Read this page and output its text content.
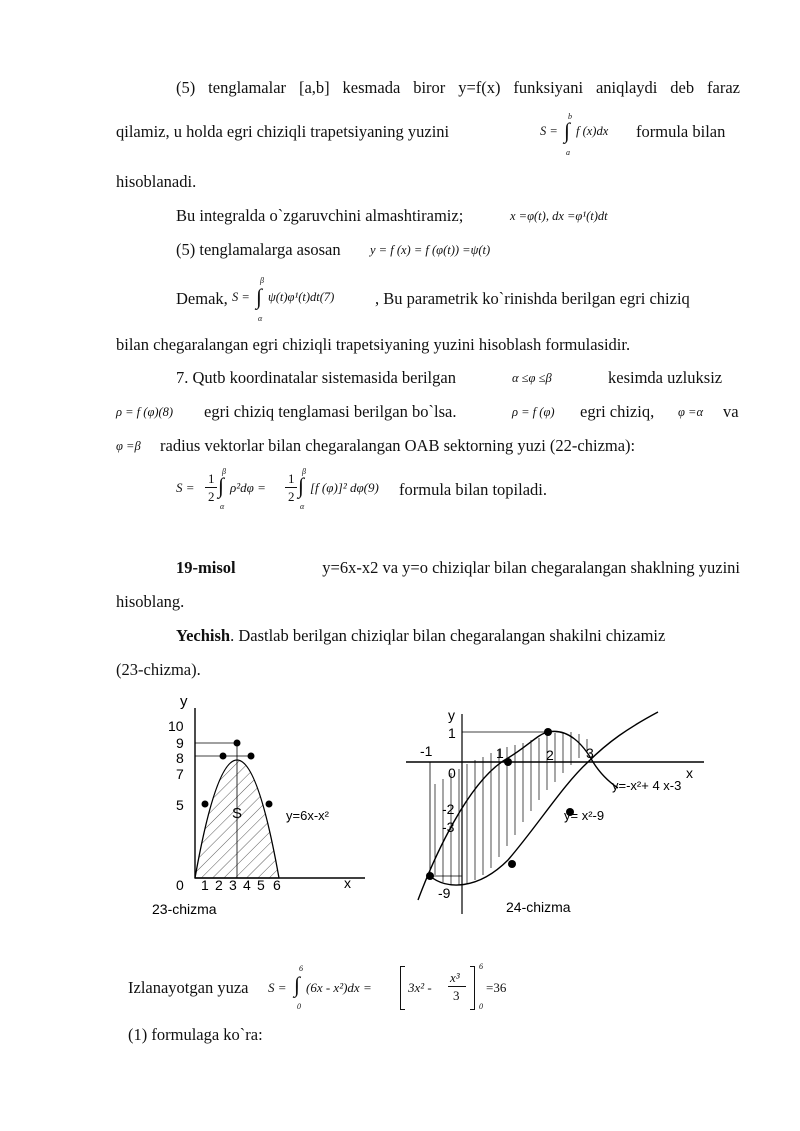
(5) tenglamalar [a,b] kesmada biror y=f(x) funksiyani aniqlaydi deb faraz
qilamiz, u holda egri chiziqli trapetsiyaning yuzini	S = ∫
b
a
f (x)dx formula bilan
hisoblanadi.
Bu integralda o`zgaruvchini almashtiramiz;	x =φ(t), dx =φ¹(t)dt
(5) tenglamalarga asosan y = f (x) = f (φ(t)) =ψ(t)
Demak, S = ∫
β
α
ψ(t)φ¹(t)dt(7) , Bu parametrik ko`rinishda berilgan egri chiziq
bilan chegaralangan egri chiziqli trapetsiyaning yuzini hisoblash formulasidir.
7. Qutb koordinatalar sistemasida berilgan	α ≤φ ≤β	kesimda uzluksiz
ρ = f (φ)(8) egri chiziq tenglamasi berilgan bo`lsa.	ρ = f (φ) egri chiziq, φ =α va
φ =β radius vektorlar bilan chegaralangan OAB sektorning yuzi (22-chizma):
S =
1
2 ∫
β
α
ρ²dφ =
1
2 ∫
β
α
[f (φ)]² dφ(9) formula bilan topiladi.
19-misol	y=6x-x2 va y=o chiziqlar bilan chegaralangan shaklning yuzini
hisoblang.
Yechish. Dastlab berilgan chiziqlar bilan chegaralangan shakilni chizamiz
(23-chizma).
y
10
9
8
7
5
0 1 2 3 4 5 6	x
S	y=6x-x²
23-chizma
y
1
-1
0
1	2 3
-2
-3
-9
x
y=-x²+ 4 x-3
y= x²-9
24-chizma
Izlanayotgan yuza S = ∫
6
0
(6x - x²)dx =	3x² -
x³
3
6
0
=36
(1) formulaga ko`ra:
